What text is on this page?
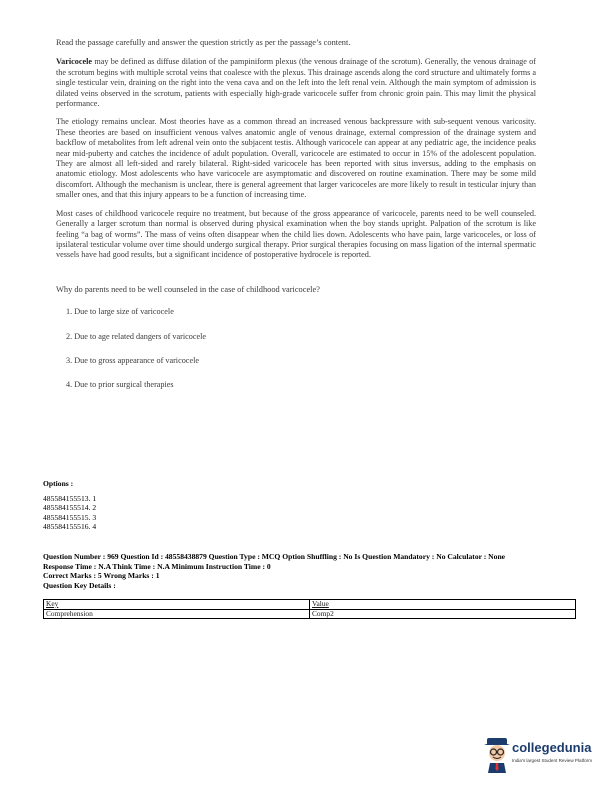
Read the passage carefully and answer the question strictly as per the passage’s content.

Varicocele may be defined as diffuse dilation of the pampiniform plexus (the venous drainage of the scrotum). Generally, the venous drainage of the scrotum begins with multiple scrotal veins that coalesce with the plexus. This drainage ascends along the cord structure and ultimately forms a single testicular vein, draining on the right into the vena cava and on the left into the left renal vein. Although the main symptom of admission is dilated veins observed in the scrotum, patients with especially high-grade varicocele suffer from chronic groin pain. This may limit the physical performance.

The etiology remains unclear. Most theories have as a common thread an increased venous backpressure with sub-sequent venous varicosity. These theories are based on insufficient venous valves anatomic angle of venous drainage, external compression of the drainage system and backflow of metabolites from left adrenal vein onto the subjacent testis. Although varicocele can appear at any pediatric age, the incidence peaks near mid-puberty and catches the incidence of adult population. Overall, varicocele are estimated to occur in 15% of the adolescent population. They are almost all left-sided and rarely bilateral. Right-sided varicocele has been reported with situs inversus, adding to the emphasis on anatomic etiology. Most adolescents who have varicocele are asymptomatic and discovered on routine examination. There may be some mild discomfort. Although the mechanism is unclear, there is general agreement that larger varicoceles are more likely to result in testicular injury than smaller ones, and that this injury appears to be a function of increasing time.

Most cases of childhood varicocele require no treatment, but because of the gross appearance of varicocele, parents need to be well counseled. Generally a larger scrotum than normal is observed during physical examination when the boy stands upright. Palpation of the scrotum is like feeling “a bag of worms”. The mass of veins often disappear when the child lies down. Adolescents who have pain, large varicoceles, or loss of ipsilateral testicular volume over time should undergo surgical therapy. Prior surgical therapies focusing on mass ligation of the internal spermatic vessels have had good results, but a significant incidence of postoperative hydrocele is reported.

Why do parents need to be well counseled in the case of childhood varicocele?

1. Due to large size of varicocele
2. Due to age related dangers of varicocele
3. Due to gross appearance of varicocele
4. Due to prior surgical therapies
Options :
485584155513. 1
485584155514. 2
485584155515. 3
485584155516. 4
Question Number : 969 Question Id : 48558438879 Question Type : MCQ Option Shuffling : No Is Question Mandatory : No Calculator : None
Response Time : N.A Think Time : N.A Minimum Instruction Time : 0
Correct Marks : 5 Wrong Marks : 1
Question Key Details :
Key	Value
Comprehension	Comp2
collegedunia
India's largest Student Review Platform
